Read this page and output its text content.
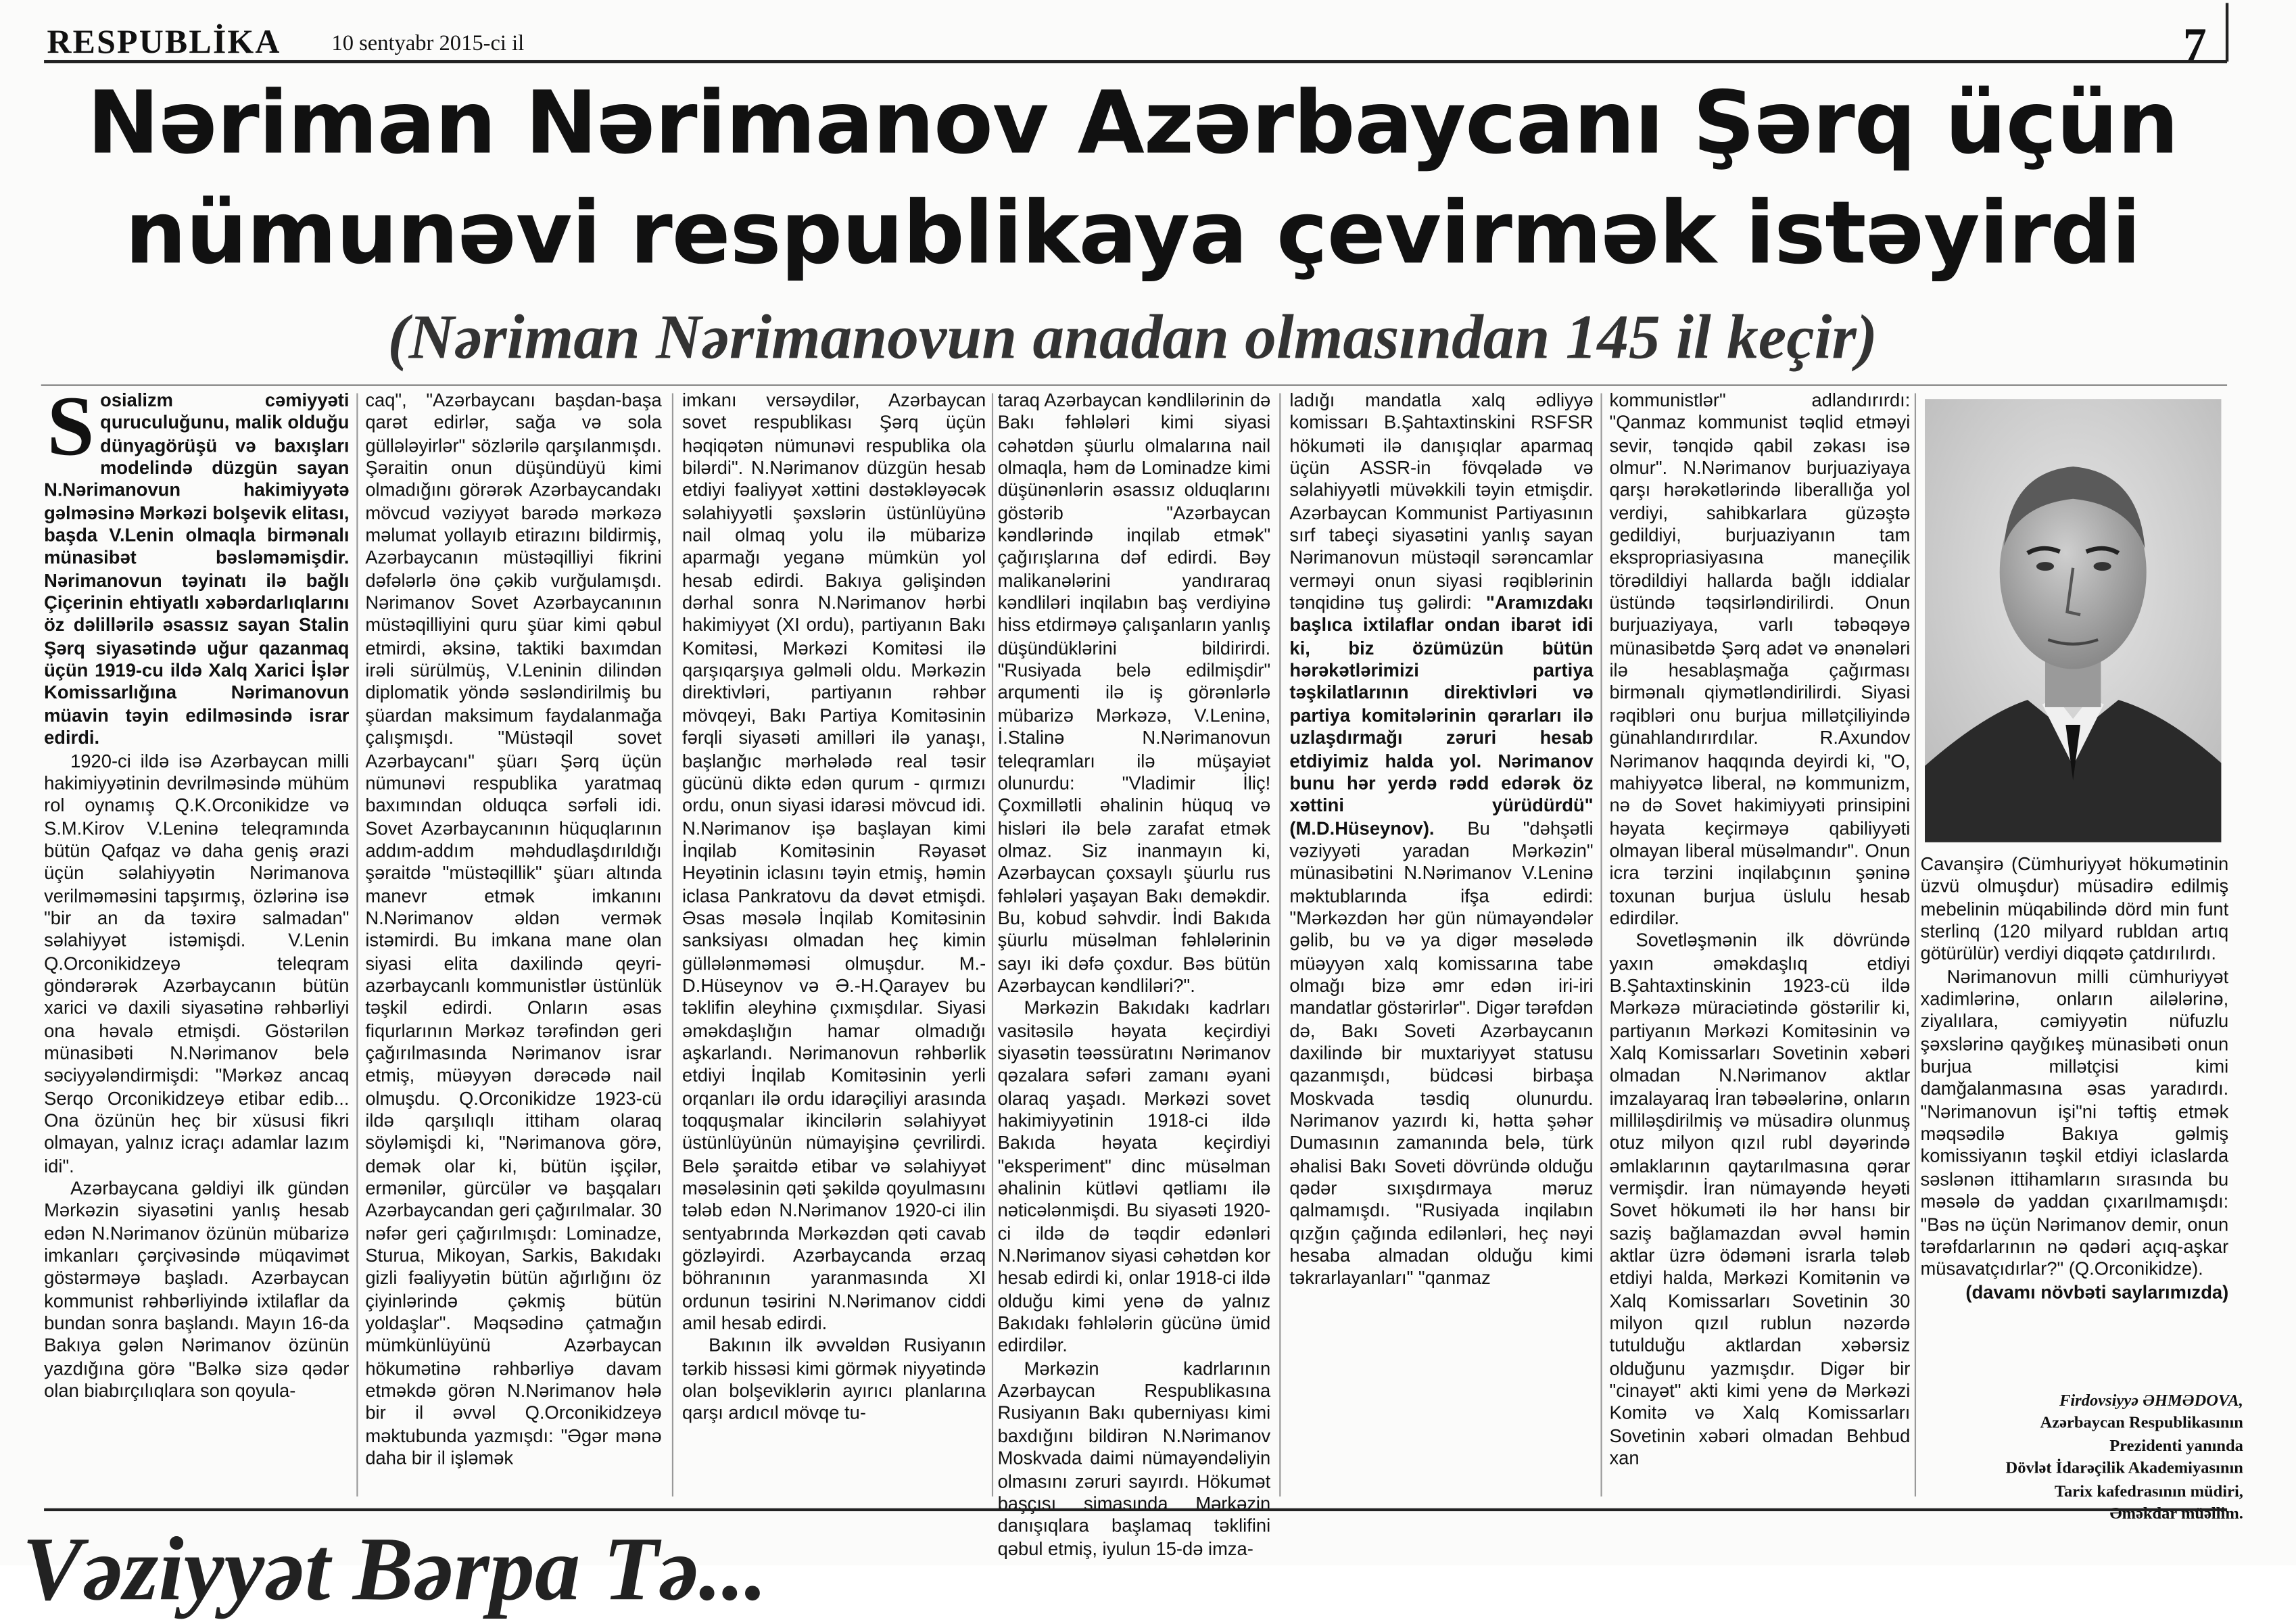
RESPUBLİKA	10 sentyabr 2015-ci il	7
Nəriman Nərimanov Azərbaycanı Şərq üçün
nümunəvi respublikaya çevirmək istəyirdi
(Nəriman Nərimanovun anadan olmasından 145 il keçir)

Sosializm cəmiyyəti quruculuğunu, malik olduğu dünyagörüşü və baxışları modelində düzgün sayan N.Nərimanovun hakimiyyətə gəlməsinə Mərkəzi bolşevik elitası, başda V.Lenin olmaqla birmənalı münasibət bəsləməmişdir. Nərimanovun təyinatı ilə bağlı Çiçerinin ehtiyatlı xəbərdarlıqlarını öz dəlillərilə əsassız sayan Stalin Şərq siyasətində uğur qazanmaq üçün 1919-cu ildə Xalq Xarici İşlər Komissarlığına Nərimanovun müavin təyin edilməsində israr edirdi.

1920-ci ildə isə Azərbaycan milli hakimiyyətinin devrilməsində mühüm rol oynamış Q.K.Orconikidze və S.M.Kirov V.Leninə teleqramında bütün Qafqaz və daha geniş ərazi üçün səlahiyyətin Nərimanova verilməməsini tapşırmış, özlərinə isə "bir an da təxirə salmadan" səlahiyyət istəmişdi. V.Lenin Q.Orconikidzeyə teleqram göndərərək Azərbaycanın bütün xarici və daxili siyasətinə rəhbərliyi ona həvalə etmişdi. Göstərilən münasibəti N.Nərimanov belə səciyyələndirmişdi: "Mərkəz ancaq Serqo Orconikidzeyə etibar edib... Ona özünün heç bir xüsusi fikri olmayan, yalnız icraçı adamlar lazım idi".

Azərbaycana gəldiyi ilk gündən Mərkəzin siyasətini yanlış hesab edən N.Nərimanov özünün mübarizə imkanları çərçivəsində müqavimət göstərməyə başladı. Azərbaycan kommunist rəhbərliyində ixtilaflar da bundan sonra başlandı. Mayın 16-da Bakıya gələn Nərimanov özünün yazdığına görə "Bəlkə sizə qədər olan biabırçılıqlara son qoyula-

caq", "Azərbaycanı başdan-başa qarət edirlər, sağa və sola güllələyirlər" sözlərilə qarşılanmışdı. Şəraitin onun düşündüyü kimi olmadığını görərək Azərbaycandakı mövcud vəziyyət barədə mərkəzə məlumat yollayıb etirazını bildirmiş, Azərbaycanın müstəqilliyi fikrini dəfələrlə önə çəkib vurğulamışdı. Nərimanov Sovet Azərbaycanının müstəqilliyini quru şüar kimi qəbul etmirdi, əksinə, taktiki baxımdan irəli sürülmüş, V.Leninin dilindən diplomatik yöndə səsləndirilmiş bu şüardan maksimum faydalanmağa çalışmışdı. "Müstəqil sovet Azərbaycanı" şüarı Şərq üçün nümunəvi respublika yaratmaq baxımından olduqca sərfəli idi. Sovet Azərbaycanının hüquqlarının addım-addım məhdudlaşdırıldığı şəraitdə "müstəqillik" şüarı altında manevr etmək imkanını N.Nərimanov əldən vermək istəmirdi. Bu imkana mane olan siyasi elita daxilində qeyri-azərbaycanlı kommunistlər üstünlük təşkil edirdi. Onların əsas fiqurlarının Mərkəz tərəfindən geri çağırılmasında Nərimanov israr etmiş, müəyyən dərəcədə nail olmuşdu. Q.Orconikidze 1923-cü ildə qarşılıqlı ittiham olaraq söyləmişdi ki, "Nərimanova görə, demək olar ki, bütün işçilər, ermənilər, gürcülər və başqaları Azərbaycandan geri çağırılmalar. 30 nəfər geri çağırılmışdı: Lominadze, Sturua, Mikoyan, Sarkis, Bakıdakı gizli fəaliyyətin bütün ağırlığını öz çiyinlərində çəkmiş bütün yoldaşlar". Məqsədinə çatmağın mümkünlüyünü Azərbaycan hökumətinə rəhbərliyə davam etməkdə görən N.Nərimanov hələ bir il əvvəl Q.Orconikidzeyə məktubunda yazmışdı: "Əgər mənə daha bir il işləmək

imkanı versəydilər, Azərbaycan sovet respublikası Şərq üçün həqiqətən nümunəvi respublika ola bilərdi". N.Nərimanov düzgün hesab etdiyi fəaliyyət xəttini dəstəkləyəcək səlahiyyətli şəxslərin üstünlüyünə nail olmaq yolu ilə mübarizə aparmağı yeganə mümkün yol hesab edirdi. Bakıya gəlişindən dərhal sonra N.Nərimanov hərbi hakimiyyət (XI ordu), partiyanın Bakı Komitəsi, Mərkəzi Komitəsi ilə qarşıqarşıya gəlməli oldu. Mərkəzin direktivləri, partiyanın rəhbər mövqeyi, Bakı Partiya Komitəsinin fərqli siyasəti amilləri ilə yanaşı, başlanğıc mərhələdə real təsir gücünü diktə edən qurum - qırmızı ordu, onun siyasi idarəsi mövcud idi. N.Nərimanov işə başlayan kimi İnqilab Komitəsinin Rəyasət Heyətinin iclasını təyin etmiş, həmin iclasa Pankratovu da dəvət etmişdi. Əsas məsələ İnqilab Komitəsinin sanksiyası olmadan heç kimin güllələnməməsi olmuşdur. M.-D.Hüseynov və Ə.-H.Qarayev bu təklifin əleyhinə çıxmışdılar. Siyasi əməkdaşlığın hamar olmadığı aşkarlandı. Nərimanovun rəhbərlik etdiyi İnqilab Komitəsinin yerli orqanları ilə ordu idarəçiliyi arasında toqquşmalar ikincilərin səlahiyyət üstünlüyünün nümayişinə çevrilirdi. Belə şəraitdə etibar və səlahiyyət məsələsinin qəti şəkildə qoyulmasını tələb edən N.Nərimanov 1920-ci ilin sentyabrında Mərkəzdən qəti cavab gözləyirdi. Azərbaycanda ərzaq böhranının yaranmasında XI ordunun təsirini N.Nərimanov ciddi amil hesab edirdi.

Bakının ilk əvvəldən Rusiyanın tərkib hissəsi kimi görmək niyyətində olan bolşeviklərin ayırıcı planlarına qarşı ardıcıl mövqe tu-

taraq Azərbaycan kəndlilərinin də Bakı fəhlələri kimi siyasi cəhətdən şüurlu olmalarına nail olmaqla, həm də Lominadze kimi düşünənlərin əsassız olduqlarını göstərib "Azərbaycan kəndlərində inqilab etmək" çağırışlarına dəf edirdi. Bəy malikanələrini yandıraraq kəndliləri inqilabın baş verdiyinə hiss etdirməyə çalışanların yanlış düşündüklərini bildirirdi. "Rusiyada belə edilmişdir" arqumenti ilə iş görənlərlə mübarizə Mərkəzə, V.Leninə, İ.Stalinə N.Nərimanovun teleqramları ilə müşayiət olunurdu: "Vladimir İliç! Çoxmillətli əhalinin hüquq və hisləri ilə belə zarafat etmək olmaz. Siz inanmayın ki, Azərbaycan çoxsaylı şüurlu rus fəhlələri yaşayan Bakı deməkdir. Bu, kobud səhvdir. İndi Bakıda şüurlu müsəlman fəhlələrinin sayı iki dəfə çoxdur. Bəs bütün Azərbaycan kəndliləri?".

Mərkəzin Bakıdakı kadrları vasitəsilə həyata keçirdiyi siyasətin təəssüratını Nərimanov qəzalara səfəri zamanı əyani olaraq yaşadı. Mərkəzi sovet hakimiyyətinin 1918-ci ildə Bakıda həyata keçirdiyi "eksperiment" dinc müsəlman əhalinin kütləvi qətliamı ilə nəticələnmişdi. Bu siyasəti 1920-ci ildə də təqdir edənləri N.Nərimanov siyasi cəhətdən kor hesab edirdi ki, onlar 1918-ci ildə olduğu kimi yenə də yalnız Bakıdakı fəhlələrin gücünə ümid edirdilər.

Mərkəzin kadrlarının Azərbaycan Respublikasına Rusiyanın Bakı quberniyası kimi baxdığını bildirən N.Nərimanov Moskvada daimi nümayəndəliyin olmasını zəruri sayırdı. Hökumət başçısı simasında Mərkəzin danışıqlara başlamaq təklifini qəbul etmiş, iyulun 15-də imza-

ladığı mandatla xalq ədliyyə komissarı B.Şahtaxtinskini RSFSR hökuməti ilə danışıqlar aparmaq üçün ASSR-in fövqəladə və səlahiyyətli müvəkkili təyin etmişdir. Azərbaycan Kommunist Partiyasının sırf tabeçi siyasətini yanlış sayan Nərimanovun müstəqil sərəncamlar verməyi onun siyasi rəqiblərinin tənqidinə tuş gəlirdi: "Aramızdakı başlıca ixtilaflar ondan ibarət idi ki, biz özümüzün bütün hərəkətlərimizi partiya təşkilatlarının direktivləri və partiya komitələrinin qərarları ilə uzlaşdırmağı zəruri hesab etdiyimiz halda yol. Nərimanov bunu hər yerdə rədd edərək öz xəttini yürüdürdü" (M.D.Hüseynov). Bu "dəhşətli vəziyyəti yaradan Mərkəzin" münasibətini N.Nərimanov V.Leninə məktublarında ifşa edirdi: "Mərkəzdən hər gün nümayəndələr gəlib, bu və ya digər məsələdə müəyyən xalq komissarına tabe olmağı bizə əmr edən iri-iri mandatlar göstərirlər". Digər tərəfdən də, Bakı Soveti Azərbaycanın daxilində bir muxtariyyət statusu qazanmışdı, büdcəsi birbaşa Moskvada təsdiq olunurdu. Nərimanov yazırdı ki, hətta şəhər Dumasının zamanında belə, türk əhalisi Bakı Soveti dövründə olduğu qədər sıxışdırmaya məruz qalmamışdı. "Rusiyada inqilabın qızğın çağında edilənləri, heç nəyi hesaba almadan olduğu kimi təkrarlayanları" "qanmaz

kommunistlər" adlandırırdı: "Qanmaz kommunist təqlid etməyi sevir, tənqidə qabil zəkası isə olmur". N.Nərimanov burjuaziyaya qarşı hərəkətlərində liberallığa yol verdiyi, sahibkarlara güzəştə gedildiyi, burjuaziyanın tam ekspropriasiyasına maneçilik törədildiyi hallarda bağlı iddialar üstündə təqsirləndirilirdi. Onun burjuaziyaya, varlı təbəqəyə münasibətdə Şərq adət və ənənələri ilə hesablaşmağa çağırması birmənalı qiymətləndirilirdi. Siyasi rəqibləri onu burjua millətçiliyində günahlandırırdılar. R.Axundov Nərimanov haqqında deyirdi ki, "O, mahiyyətcə liberal, nə kommunizm, nə də Sovet hakimiyyəti prinsipini həyata keçirməyə qabiliyyəti olmayan liberal müsəlmandır". Onun icra tərzini inqilabçının şəninə toxunan burjua üslulu hesab edirdilər.

Sovetləşmənin ilk dövründə yaxın əməkdaşlıq etdiyi B.Şahtaxtinskinin 1923-cü ildə Mərkəzə müraciətində göstərilir ki, partiyanın Mərkəzi Komitəsinin və Xalq Komissarları Sovetinin xəbəri olmadan N.Nərimanov aktlar imzalayaraq İran təbəələrinə, onların milliləşdirilmiş və müsadirə olunmuş otuz milyon qızıl rubl dəyərində əmlaklarının qaytarılmasına qərar vermişdir. İran nümayəndə heyəti Sovet hökuməti ilə hər hansı bir saziş bağlamazdan əvvəl həmin aktlar üzrə ödəməni israrla tələb etdiyi halda, Mərkəzi Komitənin və Xalq Komissarları Sovetinin 30 milyon qızıl rublun nəzərdə tutulduğu aktlardan xəbərsiz olduğunu yazmışdır. Digər bir "cinayət" akti kimi yenə də Mərkəzi Komitə və Xalq Komissarları Sovetinin xəbəri olmadan Behbud xan

Cavanşirə (Cümhuriyyət hökumətinin üzvü olmuşdur) müsadirə edilmiş mebelinin müqabilində dörd min funt sterlinq (120 milyard rubldan artıq götürülür) verdiyi diqqətə çatdırılırdı.

Nərimanovun milli cümhuriyyət xadimlərinə, onların ailələrinə, ziyalılara, cəmiyyətin nüfuzlu şəxslərinə qayğıkeş münasibəti onun burjua millətçisi kimi damğalanmasına əsas yaradırdı. "Nərimanovun işi"ni təftiş etmək məqsədilə Bakıya gəlmiş komissiyanın təşkil etdiyi iclaslarda səslənən ittihamların sırasında bu məsələ də yaddan çıxarılmamışdı: "Bəs nə üçün Nərimanov demir, onun tərəfdarlarının nə qədəri açıq-aşkar müsavatçıdırlar?" (Q.Orconikidze).

(davamı növbəti saylarımızda)

Firdovsiyyə ƏHMƏDOVA,
Azərbaycan Respublikasının
Prezidenti yanında
Dövlət İdarəçilik Akademiyasının
Tarix kafedrasının müdiri,
Əməkdar müəllim.
Vəziyyət Bərpa Tə...
